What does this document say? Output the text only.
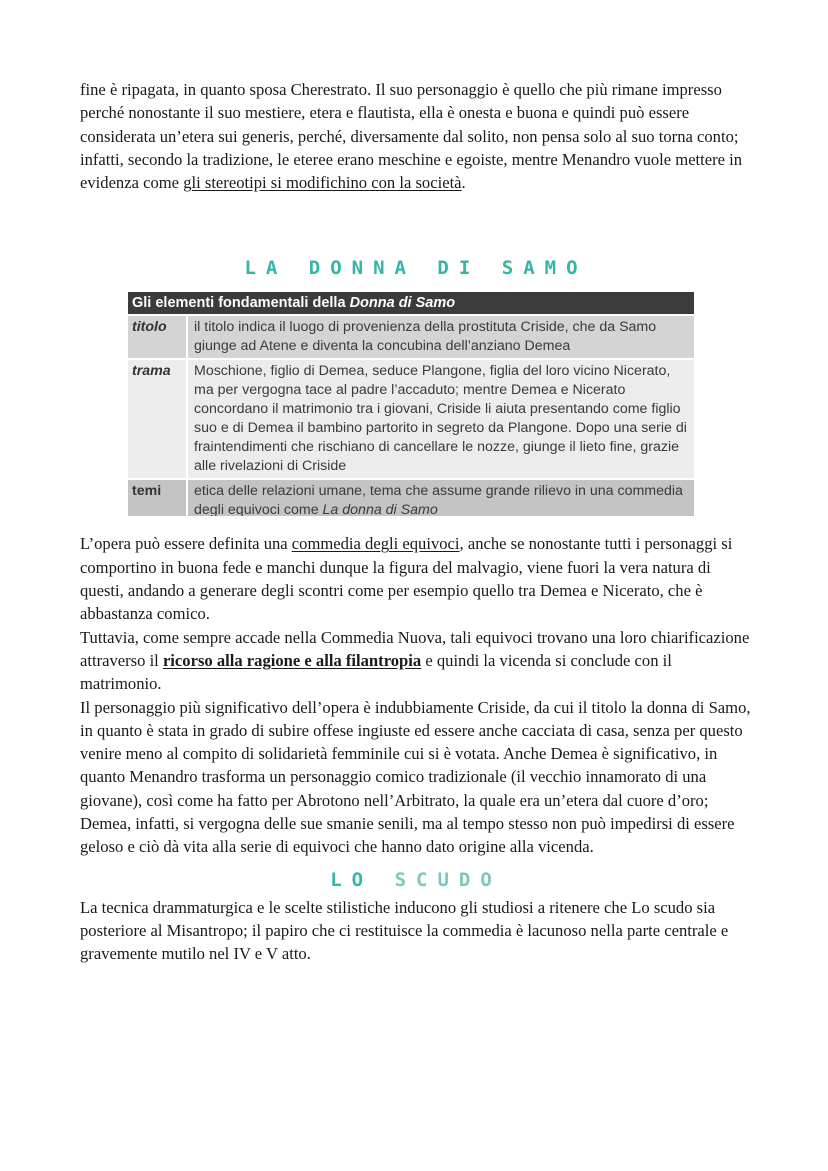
fine è ripagata, in quanto sposa Cherestrato. Il suo personaggio è quello che più rimane impresso perché nonostante il suo mestiere, etera e flautista, ella è onesta e buona e quindi può essere considerata un’etera sui generis, perché, diversamente dal solito, non pensa solo al suo torna conto; infatti, secondo la tradizione, le eteree erano meschine e egoiste, mentre Menandro vuole mettere in evidenza come gli stereotipi si modifichino con la società.

LA DONNA DI SAMO
Gli elementi fondamentali della Donna di Samo
titolo	il titolo indica il luogo di provenienza della prostituta Criside, che da Samo giunge ad Atene e diventa la concubina dell’anziano Demea
trama	Moschione, figlio di Demea, seduce Plangone, figlia del loro vicino Nicerato, ma per vergogna tace al padre l’accaduto; mentre Demea e Nicerato concordano il matrimonio tra i giovani, Criside li aiuta presentando come figlio suo e di Demea il bambino partorito in segreto da Plangone. Dopo una serie di fraintendimenti che rischiano di cancellare le nozze, giunge il lieto fine, grazie alle rivelazioni di Criside
temi	etica delle relazioni umane, tema che assume grande rilievo in una commedia degli equivoci come La donna di Samo

L’opera può essere definita una commedia degli equivoci, anche se nonostante tutti i personaggi si comportino in buona fede e manchi dunque la figura del malvagio, viene fuori la vera natura di questi, andando a generare degli scontri come per esempio quello tra Demea e Nicerato, che è abbastanza comico.

Tuttavia, come sempre accade nella Commedia Nuova, tali equivoci trovano una loro chiarificazione attraverso il ricorso alla ragione e alla filantropia e quindi la vicenda si conclude con il matrimonio.

Il personaggio più significativo dell’opera è indubbiamente Criside, da cui il titolo la donna di Samo, in quanto è stata in grado di subire offese ingiuste ed essere anche cacciata di casa, senza per questo venire meno al compito di solidarietà femminile cui si è votata. Anche Demea è significativo, in quanto Menandro trasforma un personaggio comico tradizionale (il vecchio innamorato di una giovane), così come ha fatto per Abrotono nell’Arbitrato, la quale era un’etera dal cuore d’oro; Demea, infatti, si vergogna delle sue smanie senili, ma al tempo stesso non può impedirsi di essere geloso e ciò dà vita alla serie di equivoci che hanno dato origine alla vicenda.

LO SCUDO

La tecnica drammaturgica e le scelte stilistiche inducono gli studiosi a ritenere che Lo scudo sia posteriore al Misantropo; il papiro che ci restituisce la commedia è lacunoso nella parte centrale e gravemente mutilo nel IV e V atto.
